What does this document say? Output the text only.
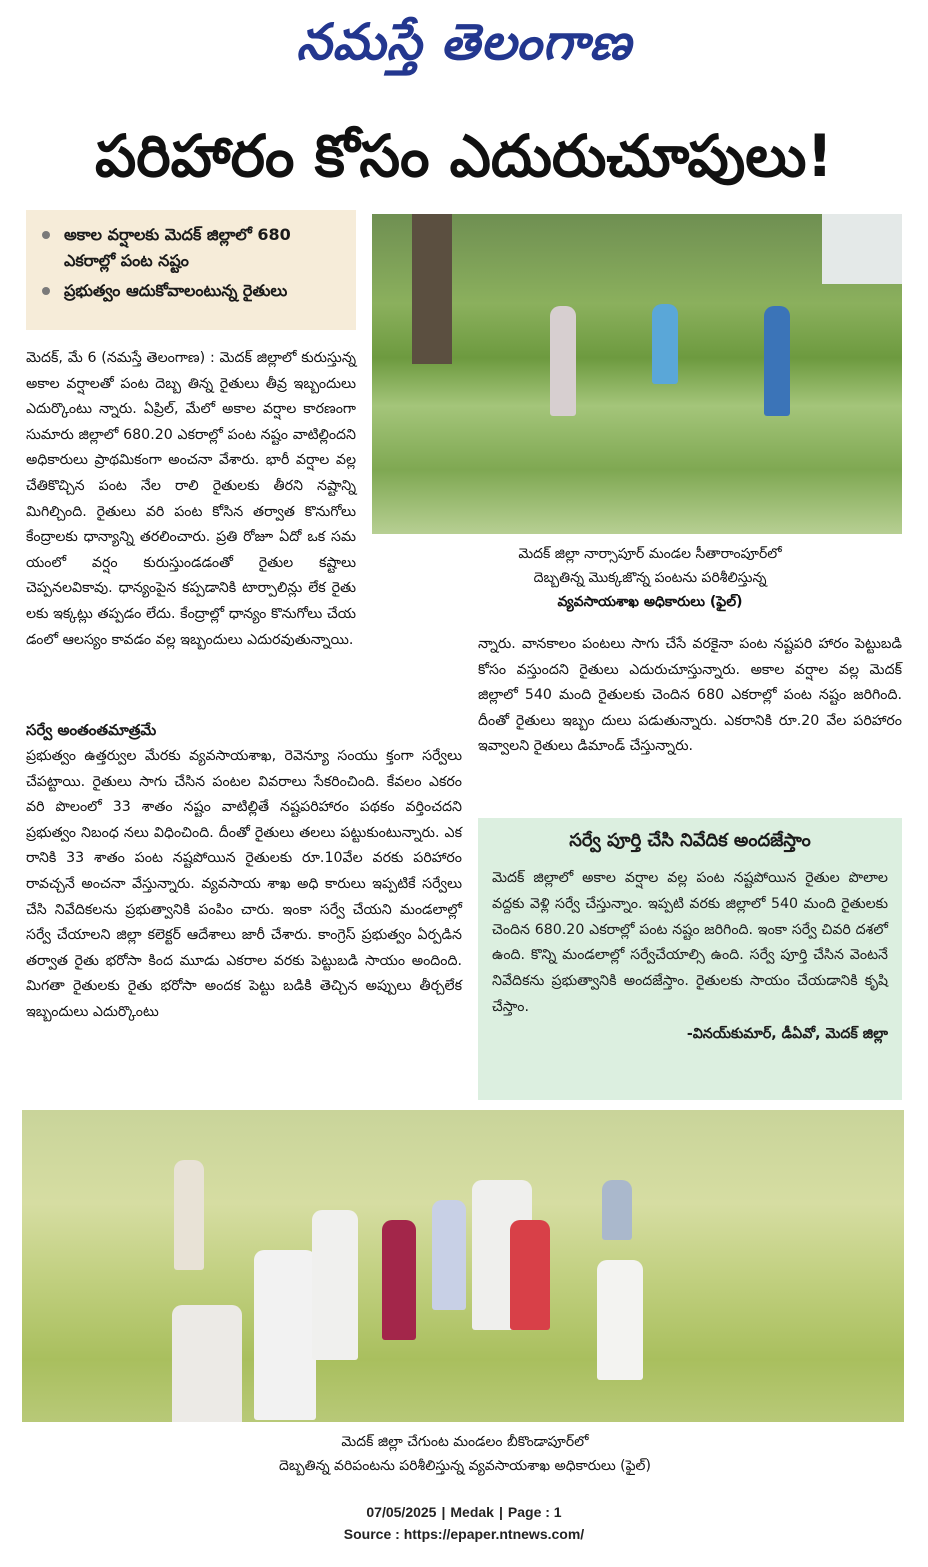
నమస్తే తెలంగాణ
పరిహారం కోసం ఎదురుచూపులు!
అకాల వర్షాలకు మెదక్ జిల్లాలో 680 ఎకరాల్లో పంట నష్టం
ప్రభుత్వం ఆదుకోవాలంటున్న రైతులు
మెదక్ జిల్లా నార్సాపూర్ మండల సీతారాంపూర్‌లో
దెబ్బతిన్న మొక్కజొన్న పంటను పరిశీలిస్తున్న
వ్యవసాయశాఖ అధికారులు (ఫైల్)
మెదక్, మే 6 (నమస్తే తెలంగాణ) : మెదక్ జిల్లాలో కురుస్తున్న అకాల వర్షాలతో పంట దెబ్బ తిన్న రైతులు తీవ్ర ఇబ్బందులు ఎదుర్కొంటు న్నారు. ఏప్రిల్, మేలో అకాల వర్షాల కారణంగా సుమారు జిల్లాలో 680.20 ఎకరాల్లో పంట నష్టం వాటిల్లిందని అధికారులు ప్రాథమికంగా అంచనా వేశారు. భారీ వర్షాల వల్ల చేతికొచ్చిన పంట నేల రాలి రైతులకు తీరని నష్టాన్ని మిగిల్చింది. రైతులు వరి పంట కోసిన తర్వాత కొనుగోలు కేంద్రాలకు ధాన్యాన్ని తరలించారు. ప్రతి రోజూ ఏదో ఒక సమ యంలో వర్షం కురుస్తుండడంతో రైతుల కష్టాలు చెప్పనలవికావు. ధాన్యంపైన కప్పడానికి టార్పాలిన్లు లేక రైతు లకు ఇక్కట్లు తప్పడం లేదు. కేంద్రాల్లో ధాన్యం కొనుగోలు చేయ డంలో ఆలస్యం కావడం వల్ల ఇబ్బందులు ఎదురవుతున్నాయి.
సర్వే అంతంతమాత్రమే
ప్రభుత్వం ఉత్తర్వుల మేరకు వ్యవసాయశాఖ, రెవెన్యూ సంయు క్తంగా సర్వేలు చేపట్టాయి. రైతులు సాగు చేసిన పంటల వివరాలు సేకరించింది. కేవలం ఎకరం వరి పొలంలో 33 శాతం నష్టం వాటిల్లితే నష్టపరిహారం పథకం వర్తించదని ప్రభుత్వం నిబంధ నలు విధించింది. దీంతో రైతులు తలలు పట్టుకుంటున్నారు. ఎక రానికి 33 శాతం పంట నష్టపోయిన రైతులకు రూ.10వేల వరకు పరిహారం రావచ్చనే అంచనా వేస్తున్నారు. వ్యవసాయ శాఖ అధి కారులు ఇప్పటికే సర్వేలు చేసి నివేదికలను ప్రభుత్వానికి పంపిం చారు. ఇంకా సర్వే చేయని మండలాల్లో సర్వే చేయాలని జిల్లా కలెక్టర్ ఆదేశాలు జారీ చేశారు. కాంగ్రెస్ ప్రభుత్వం ఏర్పడిన తర్వాత రైతు భరోసా కింద మూడు ఎకరాల వరకు పెట్టుబడి సాయం అందింది. మిగతా రైతులకు రైతు భరోసా అందక పెట్టు బడికి తెచ్చిన అప్పులు తీర్చలేక ఇబ్బందులు ఎదుర్కొంటు
న్నారు. వానకాలం పంటలు సాగు చేసే వరకైనా పంట నష్టపరి హారం పెట్టుబడి కోసం వస్తుందని రైతులు ఎదురుచూస్తున్నారు. అకాల వర్షాల వల్ల మెదక్ జిల్లాలో 540 మంది రైతులకు చెందిన 680 ఎకరాల్లో పంట నష్టం జరిగింది. దీంతో రైతులు ఇబ్బం దులు పడుతున్నారు. ఎకరానికి రూ.20 వేల పరిహారం ఇవ్వాలని రైతులు డిమాండ్ చేస్తున్నారు.
సర్వే పూర్తి చేసి నివేదిక అందజేస్తాం
మెదక్ జిల్లాలో అకాల వర్షాల వల్ల పంట నష్టపోయిన రైతుల పొలాల వద్దకు వెళ్లి సర్వే చేస్తున్నాం. ఇప్పటి వరకు జిల్లాలో 540 మంది రైతులకు చెందిన 680.20 ఎకరాల్లో పంట నష్టం జరిగింది. ఇంకా సర్వే చివరి దశలో ఉంది. కొన్ని మండలాల్లో సర్వేచేయాల్సి ఉంది. సర్వే పూర్తి చేసిన వెంటనే నివేదికను ప్రభుత్వానికి అందజేస్తాం. రైతులకు సాయం చేయడానికి కృషి చేస్తాం.
-వినయ్‌కుమార్, డీఏవో, మెదక్ జిల్లా
మెదక్ జిల్లా చేగుంట మండలం బీకొండాపూర్‌లో
దెబ్బతిన్న వరిపంటను పరిశీలిస్తున్న వ్యవసాయశాఖ అధికారులు (ఫైల్)
07/05/2025 | Medak | Page : 1
Source : https://epaper.ntnews.com/
